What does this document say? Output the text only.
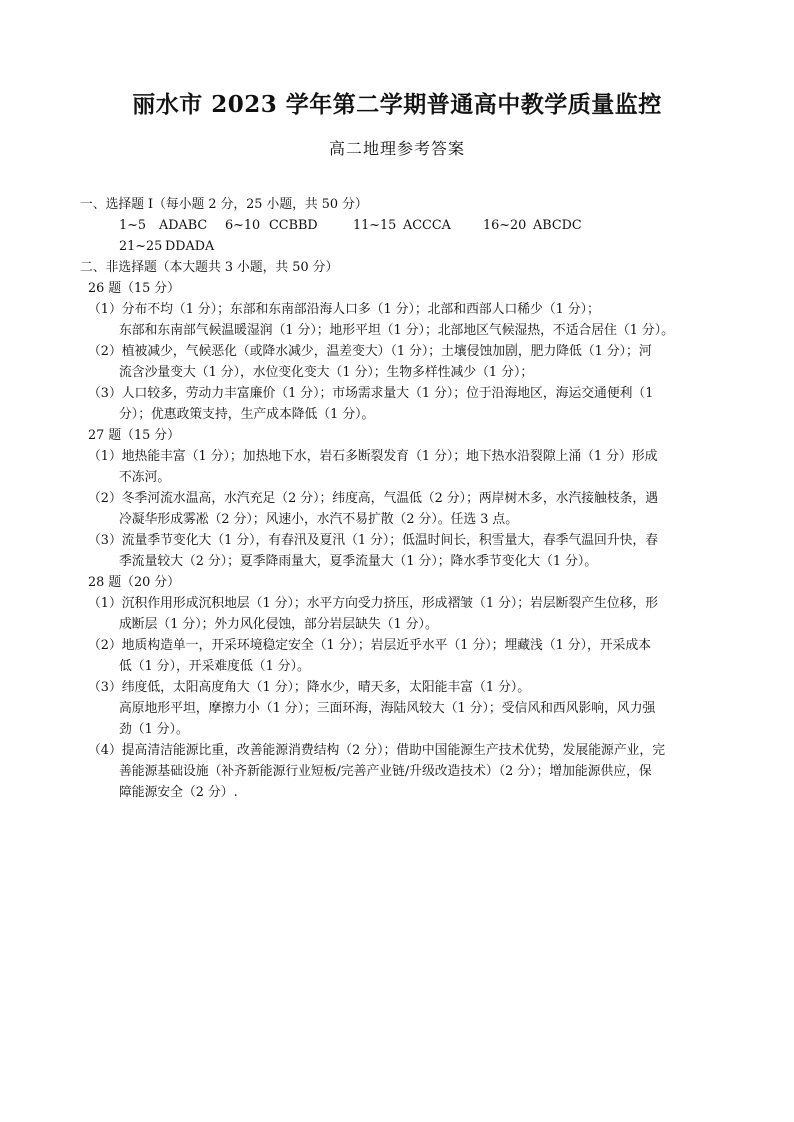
丽水市 2023 学年第二学期普通高中教学质量监控
高二地理参考答案
一、选择题 I（每小题 2 分，25 小题，共 50 分）
1~5 ADABC 6~10 CCBBD	11~15 ACCCA	16~20 ABCDC
21~25 DDADA
二、非选择题（本大题共 3 小题，共 50 分）
26 题（15 分）
（1）分布不均（1 分）；东部和东南部沿海人口多（1 分）；北部和西部人口稀少（1 分）；
东部和东南部气候温暖湿润（1 分）；地形平坦（1 分）；北部地区气候湿热，不适合居住（1 分）。
（2）植被减少，气候恶化（或降水减少，温差变大）（1 分）；土壤侵蚀加剧，肥力降低（1 分）；河
流含沙量变大（1 分），水位变化变大（1 分）；生物多样性减少（1 分）；
（3）人口较多，劳动力丰富廉价（1 分）；市场需求量大（1 分）；位于沿海地区，海运交通便利（1
分）；优惠政策支持，生产成本降低（1 分）。
27 题（15 分）
（1）地热能丰富（1 分）；加热地下水，岩石多断裂发育（1 分）；地下热水沿裂隙上涌（1 分）形成
不冻河。
（2）冬季河流水温高，水汽充足（2 分）；纬度高，气温低（2 分）；两岸树木多，水汽接触枝条，遇
冷凝华形成雾凇（2 分）；风速小，水汽不易扩散（2 分）。任选 3 点。
（3）流量季节变化大（1 分），有春汛及夏汛（1 分）；低温时间长，积雪量大，春季气温回升快，春
季流量较大（2 分）；夏季降雨量大，夏季流量大（1 分）；降水季节变化大（1 分）。
28 题（20 分）
（1）沉积作用形成沉积地层（1 分）；水平方向受力挤压，形成褶皱（1 分）；岩层断裂产生位移，形
成断层（1 分）；外力风化侵蚀，部分岩层缺失（1 分）。
（2）地质构造单一，开采环境稳定安全（1 分）；岩层近乎水平（1 分）；埋藏浅（1 分），开采成本
低（1 分），开采难度低（1 分）。
（3）纬度低，太阳高度角大（1 分）；降水少，晴天多，太阳能丰富（1 分）。
高原地形平坦，摩擦力小（1 分）；三面环海，海陆风较大（1 分）；受信风和西风影响，风力强
劲（1 分）。
（4）提高清洁能源比重，改善能源消费结构（2 分）；借助中国能源生产技术优势，发展能源产业，完
善能源基础设施（补齐新能源行业短板/完善产业链/升级改造技术）（2 分）；增加能源供应，保
障能源安全（2 分）.
